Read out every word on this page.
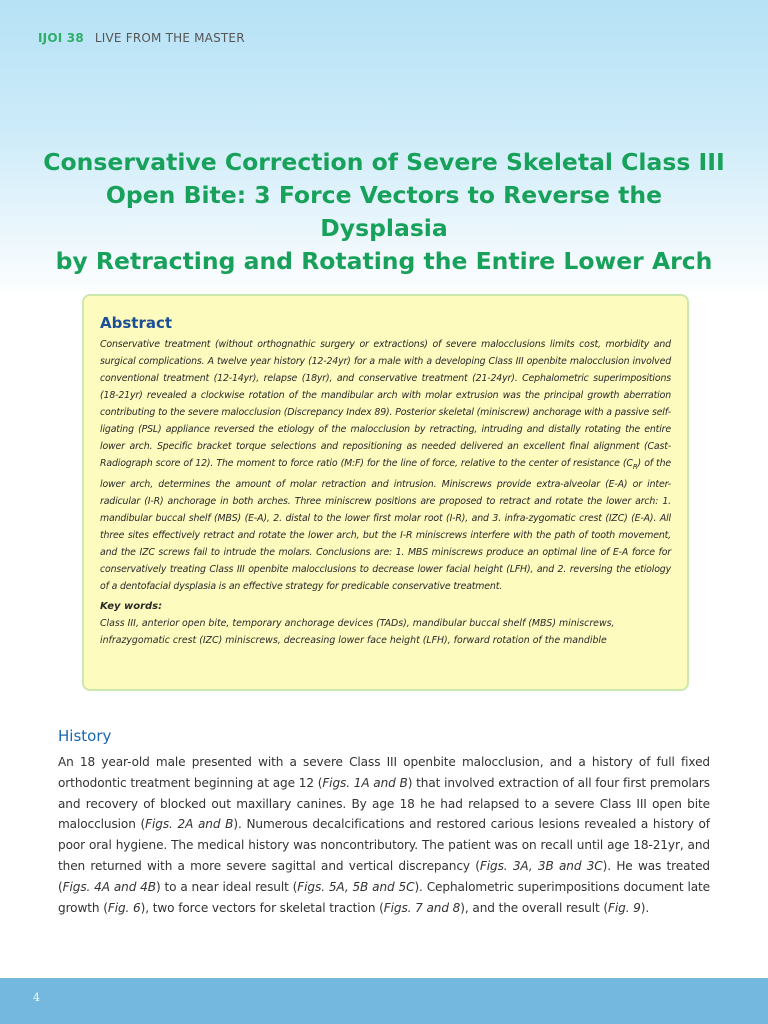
IJOI 38 LIVE FROM THE MASTER
Conservative Correction of Severe Skeletal Class III
Open Bite: 3 Force Vectors to Reverse the Dysplasia
by Retracting and Rotating the Entire Lower Arch
Abstract
Conservative treatment (without orthognathic surgery or extractions) of severe malocclusions limits cost, morbidity and surgical complications. A twelve year history (12-24yr) for a male with a developing Class III openbite malocclusion involved conventional treatment (12-14yr), relapse (18yr), and conservative treatment (21-24yr). Cephalometric superimpositions (18-21yr) revealed a clockwise rotation of the mandibular arch with molar extrusion was the principal growth aberration contributing to the severe malocclusion (Discrepancy Index 89). Posterior skeletal (miniscrew) anchorage with a passive self-ligating (PSL) appliance reversed the etiology of the malocclusion by retracting, intruding and distally rotating the entire lower arch. Specific bracket torque selections and repositioning as needed delivered an excellent final alignment (Cast-Radiograph score of 12). The moment to force ratio (M:F) for the line of force, relative to the center of resistance $(C_R)$ of the lower arch, determines the amount of molar retraction and intrusion. Miniscrews provide extra-alveolar (E-A) or inter-radicular (I-R) anchorage in both arches. Three miniscrew positions are proposed to retract and rotate the lower arch: 1. mandibular buccal shelf (MBS) (E-A), 2. distal to the lower first molar root (I-R), and 3. infra-zygomatic crest (IZC) (E-A). All three sites effectively retract and rotate the lower arch, but the I-R miniscrews interfere with the path of tooth movement, and the IZC screws fail to intrude the molars. Conclusions are: 1. MBS miniscrews produce an optimal line of E-A force for conservatively treating Class III openbite malocclusions to decrease lower facial height (LFH), and 2. reversing the etiology of a dentofacial dysplasia is an effective strategy for predicable conservative treatment.
Key words:
Class III, anterior open bite, temporary anchorage devices (TADs), mandibular buccal shelf (MBS) miniscrews, infrazygomatic crest (IZC) miniscrews, decreasing lower face height (LFH), forward rotation of the mandible
History
An 18 year-old male presented with a severe Class III openbite malocclusion, and a history of full fixed orthodontic treatment beginning at age 12 (Figs. 1A and B) that involved extraction of all four first premolars and recovery of blocked out maxillary canines. By age 18 he had relapsed to a severe Class III open bite malocclusion (Figs. 2A and B). Numerous decalcifications and restored carious lesions revealed a history of poor oral hygiene. The medical history was noncontributory. The patient was on recall until age 18-21yr, and then returned with a more severe sagittal and vertical discrepancy (Figs. 3A, 3B and 3C). He was treated (Figs. 4A and 4B) to a near ideal result (Figs. 5A, 5B and 5C). Cephalometric superimpositions document late growth (Fig. 6), two force vectors for skeletal traction (Figs. 7 and 8), and the overall result (Fig. 9).
4
